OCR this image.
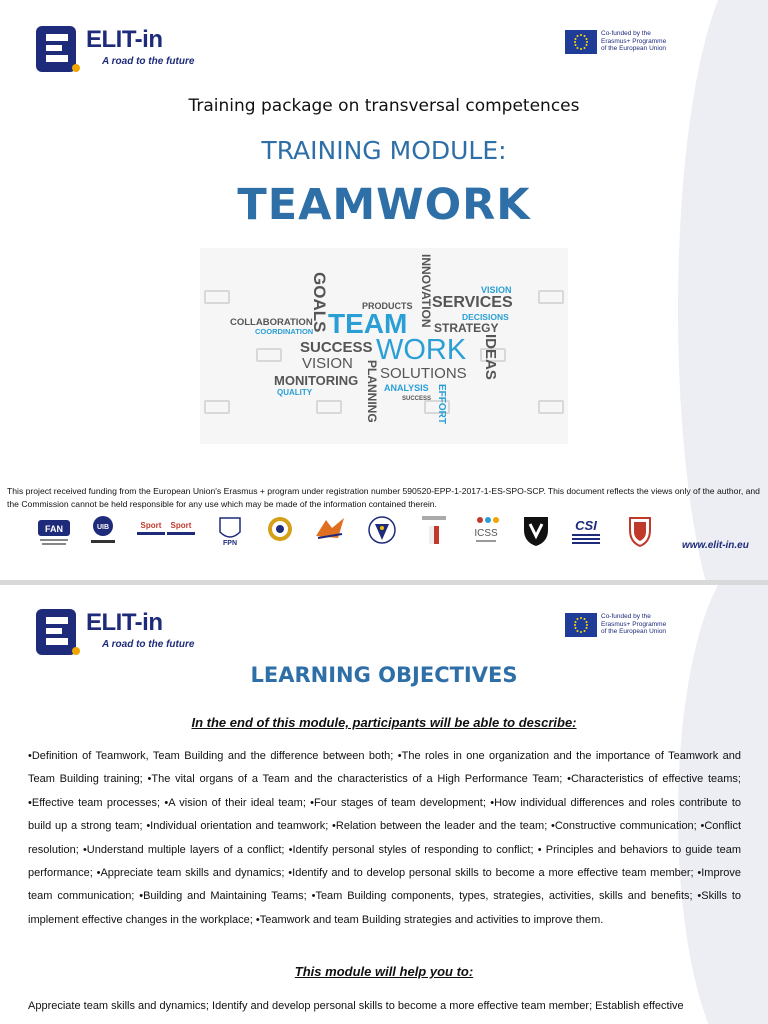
ELIT-in
A road to the future
Co-funded by the
Erasmus+ Programme
of the European Union
Training package on transversal competences
TRAINING MODULE:
TEAMWORK
GOALS	INNOVATION	VISION
PRODUCTS SERVICES
DECISIONS
COLLABORATION
COORDINATION TEAM STRATEGY
SUCCESS WORK IDEAS
VISION
SOLUTIONS
MONITORING PLANNING ANALYSIS
QUALITY
SUCCESS EFFORT
This project received funding from the European Union's Erasmus + program under registration number 590520-EPP-1-2017-1-ES-SPO-SCP. This document reflects the views only of the author, and the Commission cannot be held responsible for any use which may be made of the information contained therein.
FAN	UIB	Sport Sport
FPN
ICSS
CSI
www.elit-in.eu
ELIT-in
A road to the future
Co-funded by the
Erasmus+ Programme
of the European Union
LEARNING OBJECTIVES
In the end of this module, participants will be able to describe:
•Definition of Teamwork, Team Building and the difference between both; •The roles in one organization and the importance of Teamwork and Team Building training; •The vital organs of a Team and the characteristics of a High Performance Team; •Characteristics of effective teams; •Effective team processes; •A vision of their ideal team; •Four stages of team development; •How individual differences and roles contribute to build up a strong team; •Individual orientation and teamwork; •Relation between the leader and the team; •Constructive communication; •Conflict resolution; •Understand multiple layers of a conflict; •Identify personal styles of responding to conflict; • Principles and behaviors to guide team performance; •Appreciate team skills and dynamics; •Identify and to develop personal skills to become a more effective team member; •Improve team communication; •Building and Maintaining Teams; •Team Building components, types, strategies, activities, skills and benefits; •Skills to implement effective changes in the workplace; •Teamwork and team Building strategies and activities to improve them.
This module will help you to:
Appreciate team skills and dynamics; Identify and develop personal skills to become a more effective team member; Establish effective
